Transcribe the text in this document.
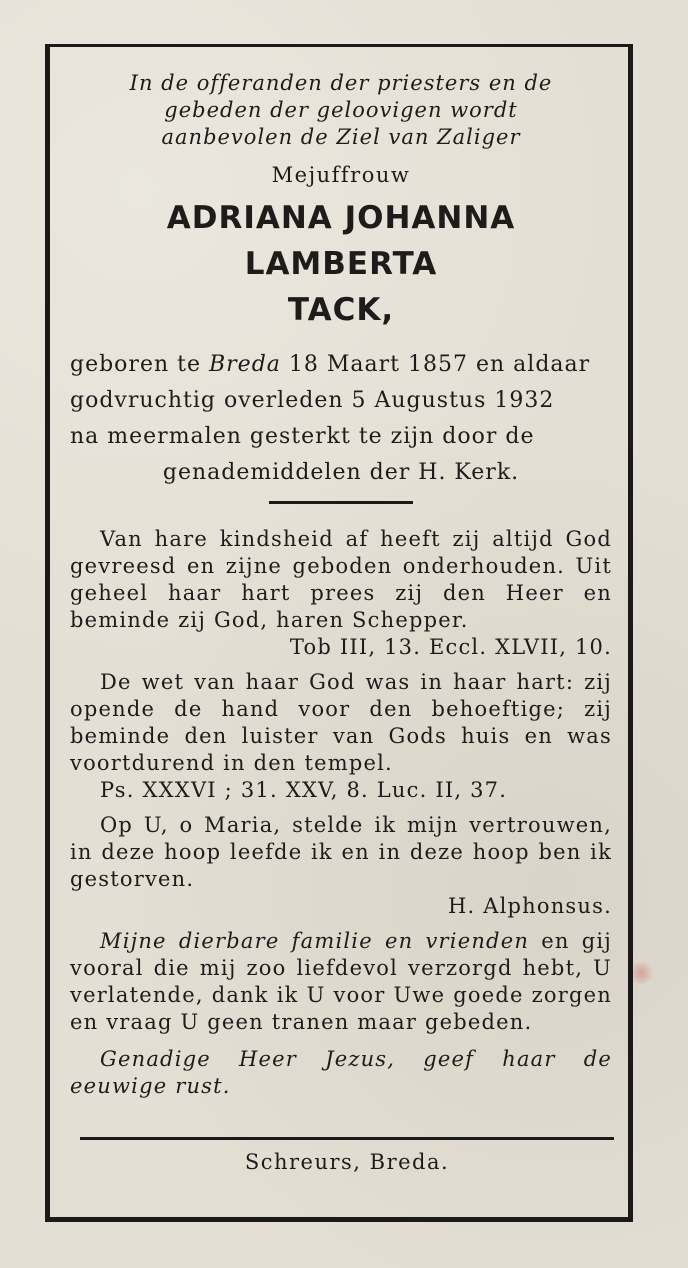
In de offeranden der priesters en de
gebeden der geloovigen wordt
aanbevolen de Ziel van Zaliger
Mejuffrouw
ADRIANA JOHANNA LAMBERTA
TACK,
geboren te Breda 18 Maart 1857 en aldaar
godvruchtig overleden 5 Augustus 1932
na meermalen gesterkt te zijn door de
genademiddelen der H. Kerk.

Van hare kindsheid af heeft zij altijd God gevreesd en zijne geboden onderhouden. Uit geheel haar hart prees zij den Heer en beminde zij God, haren Schepper.
Tob III, 13. Eccl. XLVII, 10.

De wet van haar God was in haar hart: zij opende de hand voor den behoeftige; zij beminde den luister van Gods huis en was voortdurend in den tempel.
Ps. XXXVI ; 31. XXV, 8. Luc. II, 37.

Op U, o Maria, stelde ik mijn vertrouwen, in deze hoop leefde ik en in deze hoop ben ik gestorven.
H. Alphonsus.

Mijne dierbare familie en vrienden en gij vooral die mij zoo liefdevol verzorgd hebt, U verlatende, dank ik U voor Uwe goede zorgen en vraag U geen tranen maar gebeden.

Genadige Heer Jezus, geef haar de eeuwige rust.

Schreurs, Breda.
